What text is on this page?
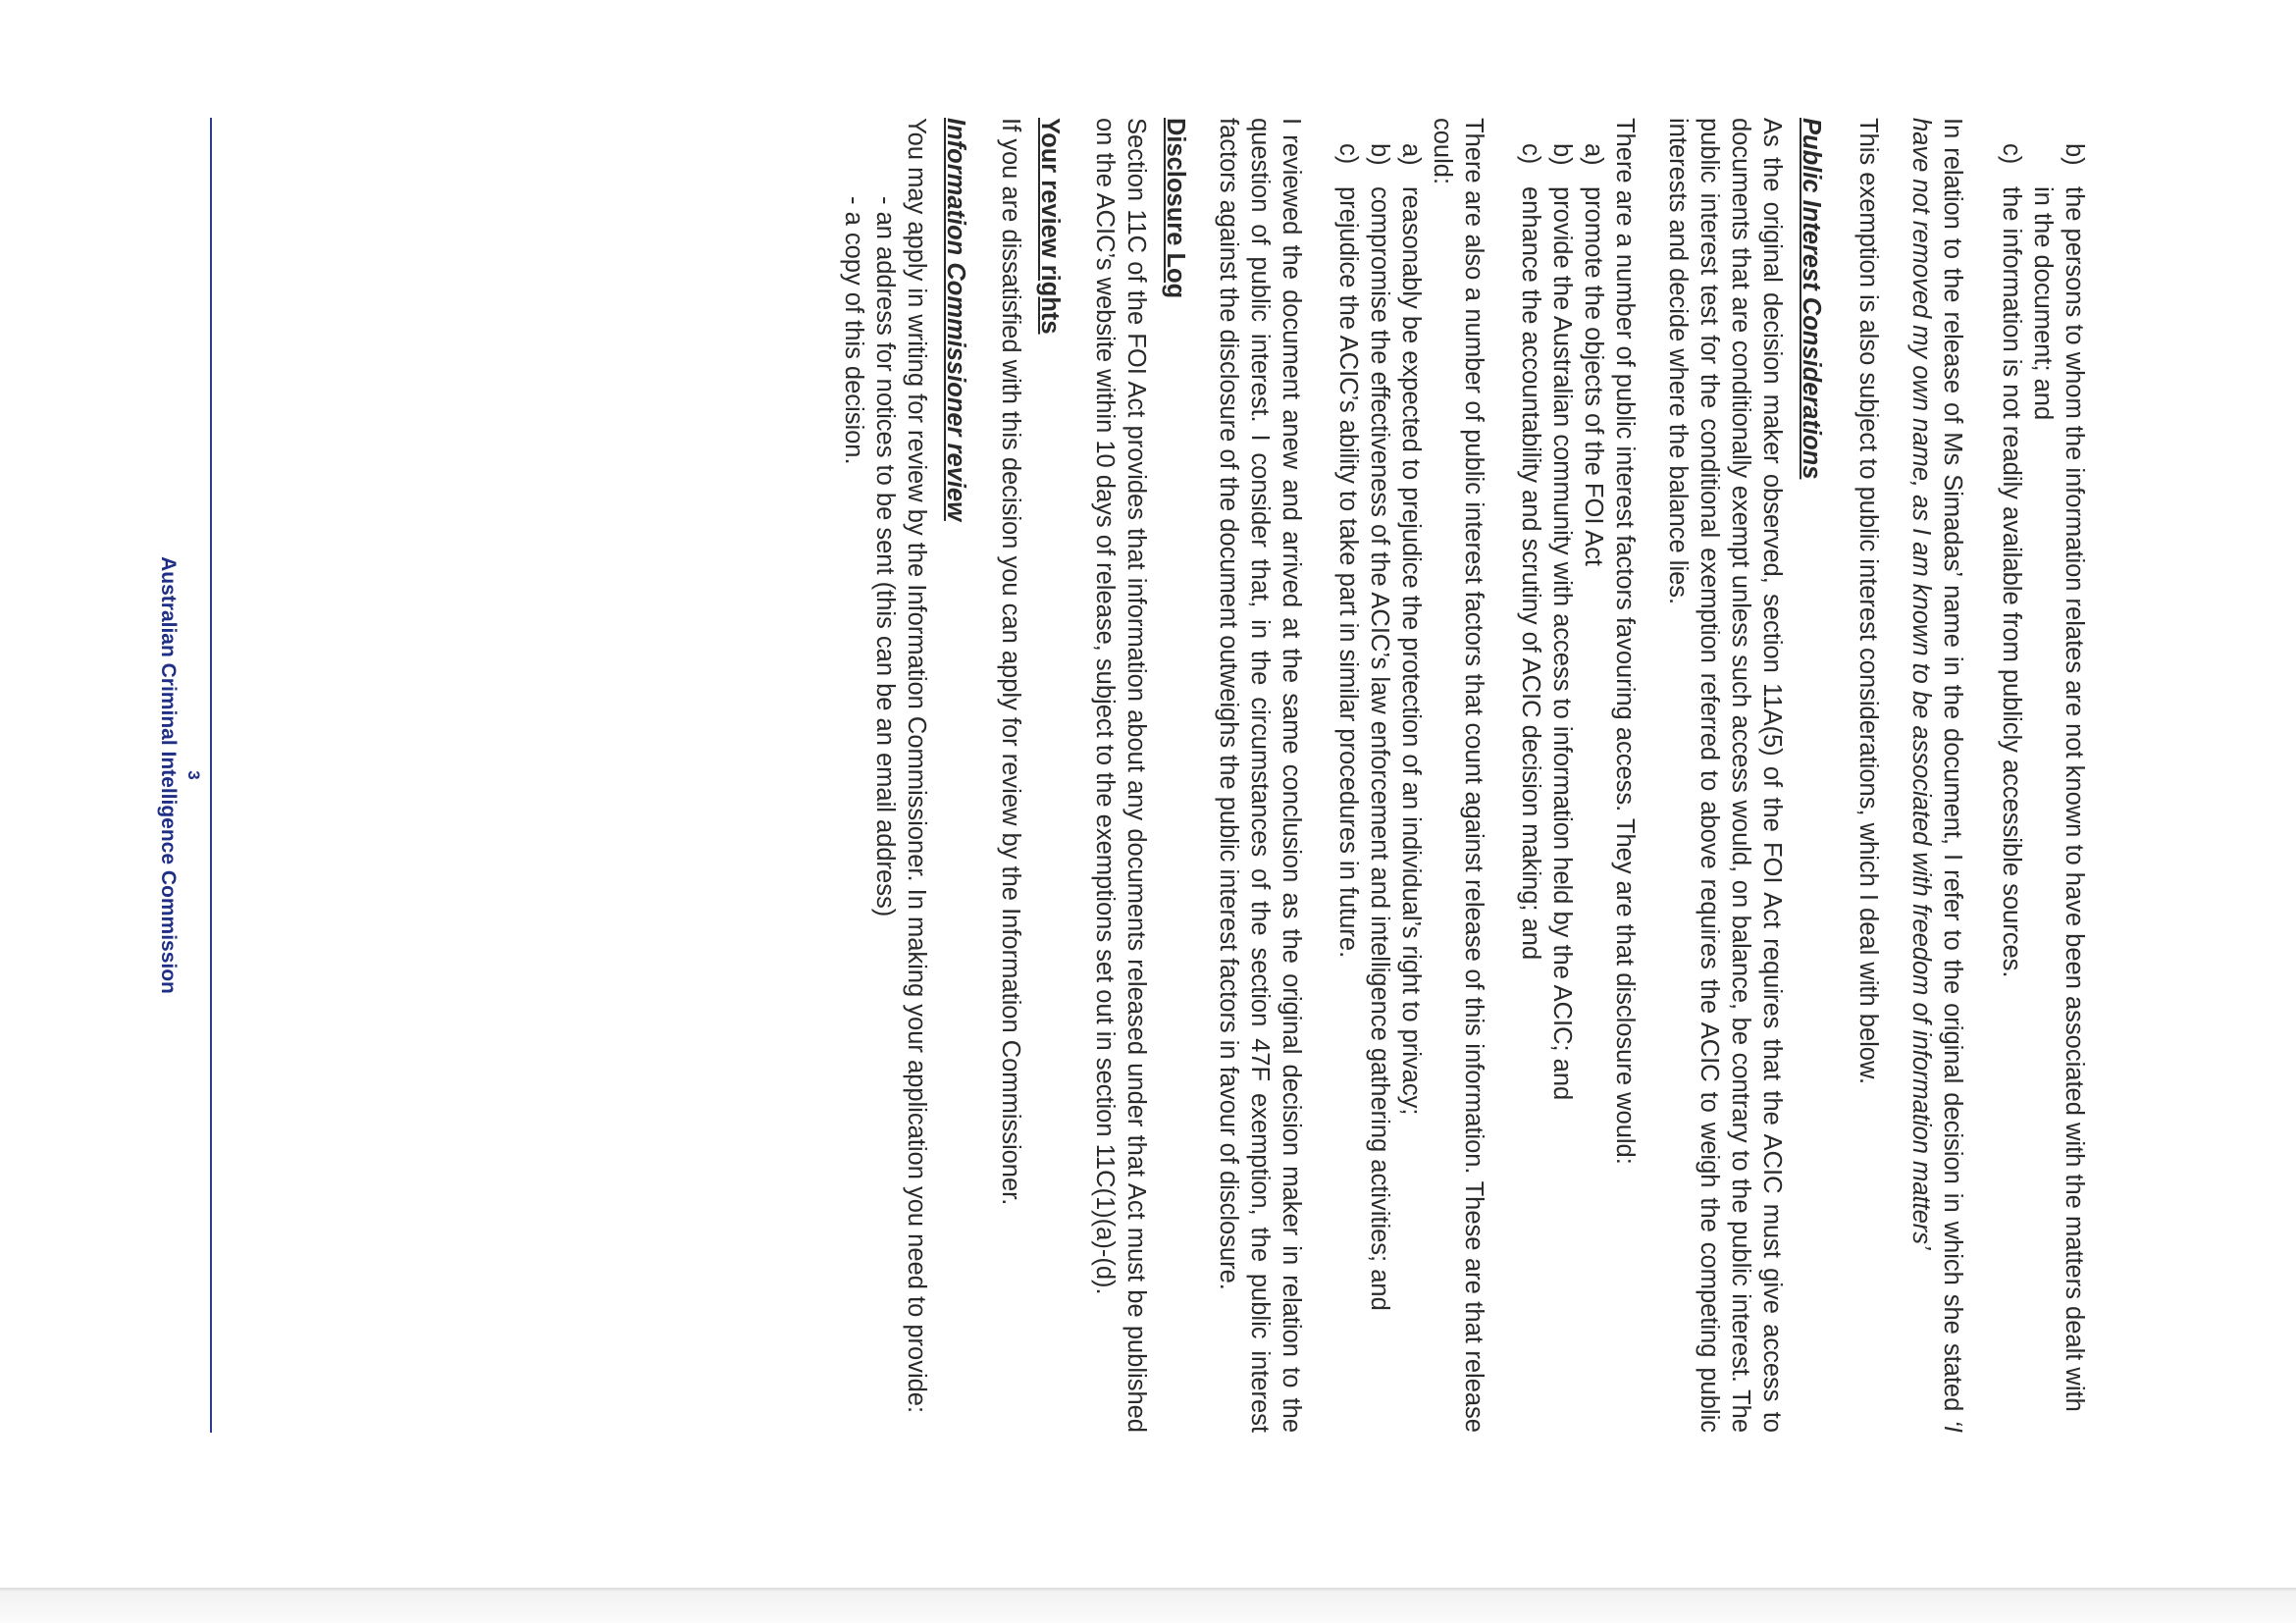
b)
the persons to whom the information relates are not known to have been associated with the matters dealt with in the document; and
c)
the information is not readily available from publicly accessible sources.

In relation to the release of Ms Simadas’ name in the document, I refer to the original decision in which she stated ‘I have not removed my own name, as I am known to be associated with freedom of information matters’

This exemption is also subject to public interest considerations, which I deal with below.

Public Interest Considerations

As the original decision maker observed, section 11A(5) of the FOI Act requires that the ACIC must give access to documents that are conditionally exempt unless such access would, on balance, be contrary to the public interest. The public interest test for the conditional exemption referred to above requires the ACIC to weigh the competing public interests and decide where the balance lies.

There are a number of public interest factors favouring access. They are that disclosure would:

a)
promote the objects of the FOI Act
b)
provide the Australian community with access to information held by the ACIC; and
c)
enhance the accountability and scrutiny of ACIC decision making; and

There are also a number of public interest factors that count against release of this information. These are that release could:

a)
reasonably be expected to prejudice the protection of an individual’s right to privacy;
b)
compromise the effectiveness of the ACIC’s law enforcement and intelligence gathering activities; and
c)
prejudice the ACIC’s ability to take part in similar procedures in future.

I reviewed the document anew and arrived at the same conclusion as the original decision maker in relation to the question of public interest. I consider that, in the circumstances of the section 47F exemption, the public interest factors against the disclosure of the document outweighs the public interest factors in favour of disclosure.

Disclosure Log

Section 11C of the FOI Act provides that information about any documents released under that Act must be published on the ACIC’s website within 10 days of release, subject to the exemptions set out in section 11C(1)(a)-(d).

Your review rights

If you are dissatisfied with this decision you can apply for review by the Information Commissioner.

Information Commissioner review

You may apply in writing for review by the Information Commissioner. In making your application you need to provide:

- an address for notices to be sent (this can be an email address)
- a copy of this decision.
3
Australian Criminal Intelligence Commission
